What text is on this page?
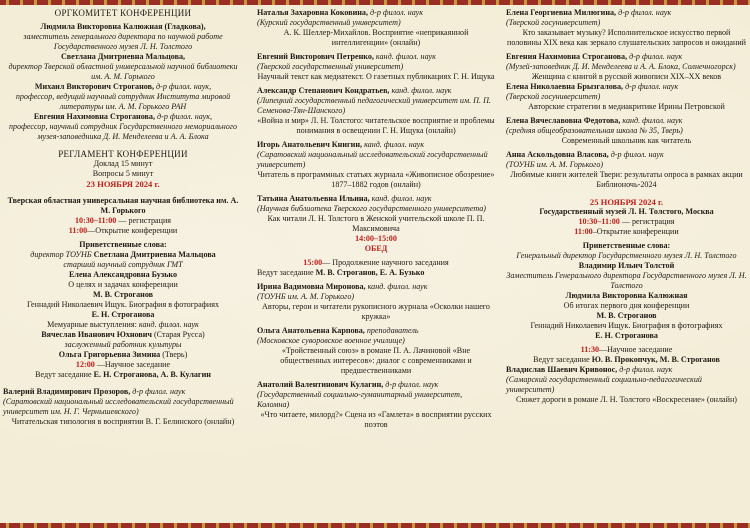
ОРГКОМИТЕТ КОНФЕРЕНЦИИ

Людмила Викторовна Калюжная (Гладкова),

заместитель генерального директора по научной работе Государственного музея Л. Н. Толстого

Светлана Дмитриевна Мальцова,

директор Тверской областной универсальной научной библиотеки им. А. М. Горького

Михаил Викторович Строганов, д-р филол. наук,

профессор, ведущий научный сотрудник Института мировой литературы им. А. М. Горького РАН

Евгения Нахимовна Строганова, д-р филол. наук,

профессор, научный сотрудник Государственного мемориального музея-заповедника Д. И. Менделеева и А. А. Блока

РЕГЛАМЕНТ КОНФЕРЕНЦИИ

Доклад 15 минут

Вопросы 5 минут

23 НОЯБРЯ 2024 г.

Тверская областная универсальная научная библиотека им. А. М. Горького

10:30–11:00 — регистрация

11:00—Открытие конференции

Приветственные слова:

директор ТОУНБ Светлана Дмитриевна Мальцова

старший научный сотрудник ГМТ

Елена Александровна Бузько

О целях и задачах конференции

М. В. Строганов

Геннадий Николаевич Ищук. Биография в фотографиях

Е. Н. Строганова

Мемуарные выступления: канд. филол. наук

Вячеслав Иванович Юхнович (Старая Русса)

заслуженный работник культуры

Ольга Григорьевна Зимина (Тверь)

12:00 —Научное заседание

Ведут заседание Е. Н. Строганова, А. В. Кулагин

Валерий Владимирович Прозоров, д-р филол. наук

(Саратовский национальный исследовательский государственный университет им. Н. Г. Чернышевского)

Читательская типология в восприятии В. Г. Белинского (онлайн)

Наталья Захаровна Коковина, д-р филол. наук

(Курский государственный университет)

А. К. Шеллер-Михайлов. Восприятие «неприкаянной интеллигенции» (онлайн)

Евгений Викторович Петренко, канд. филол. наук

(Тверской государственный университет)

Научный текст как медиатекст. О газетных публикациях Г. Н. Ищука

Александр Степанович Кондратьев, канд. филол. наук

(Липецкий государственный педагогический университет им. П. П. Семенова-Тян-Шанского)

«Война и мир» Л. Н. Толстого: читательское восприятие и проблемы понимания в освещении Г. Н. Ищука (онлайн)

Игорь Анатольевич Книгин, канд. филол. наук

(Саратовский национальный исследовательский государственный университет)

Читатель в программных статьях журнала «Живописное обозрение» 1877–1882 годов (онлайн)

Татьяна Анатольевна Ильина, канд. филол. наук

(Научная библиотека Тверского государственного университета)

Как читали Л. Н. Толстого в Женской учительской школе П. П. Максимовича

14:00–15:00

ОБЕД

15:00— Продолжение научного заседания

Ведут заседание М. В. Строганов, Е. А. Бузько

Ирина Вадимовна Миронова, канд. филол. наук

(ТОУНБ им. А. М. Горького)

Авторы, герои и читатели рукописного журнала «Осколки нашего кружка»

Ольга Анатольевна Карпова, преподаватель

(Московское суворовское военное училище)

«Тройственный союз» в романе П. А. Лачиновой «Вне общественных интересов»: диалог с современниками и предшественниками

Анатолий Валентинович Кулагин, д-р филол. наук

(Государственный социально-гуманитарный университет, Коломна)

«Что читаете, милорд?» Сцена из «Гамлета» в восприятии русских поэтов

Елена Георгиевна Милюгина, д-р филол. наук

(Тверской госуниверситет)

Кто заказывает музыку? Исполнительское искусство первой половины XIX века как зеркало слушательских запросов и ожиданий

Евгения Нахимовна Строганова, д-р филол. наук

(Музей-заповедник Д. И. Менделеева и А. А. Блока, Солнечногорск)

Женщина с книгой в русской живописи XIX–XX веков

Елена Николаевна Брызгалова, д-р филол. наук

(Тверской госуниверситет)

Авторские стратегии в медиакритике Ирины Петровской

Елена Вячеславовна Федотова, канд. филол. наук

(средняя общеобразовательная школа № 35, Тверь)

Современный школьник как читатель

Анна Аскольдовна Власова, д-р филол. наук

(ТОУНБ им. А. М. Горького)

Любимые книги жителей Твери: результаты опроса в рамках акции Библионочь-2024

25 НОЯБРЯ 2024 г.

Государственный музей Л. Н. Толстого, Москва

10:30–11:00 — регистрация

11:00–Открытие конференции

Приветственные слова:

Генеральный директор Государственного музея Л. Н. Толстого

Владимир Ильич Толстой

Заместитель Генерального директора Государственного музея Л. Н. Толстого

Людмила Викторовна Калюжная

Об итогах первого дня конференции

М. В. Строганов

Геннадий Николаевич Ищук. Биография в фотографиях

Е. Н. Строганова

11:30—Научное заседание

Ведут заседание Ю. В. Прокопчук, М. В. Строганов

Владислав Шаевич Кривонос, д-р филол. наук

(Самарский государственный социально-педагогический университет)

Сюжет дороги в романе Л. Н. Толстого «Воскресение» (онлайн)
